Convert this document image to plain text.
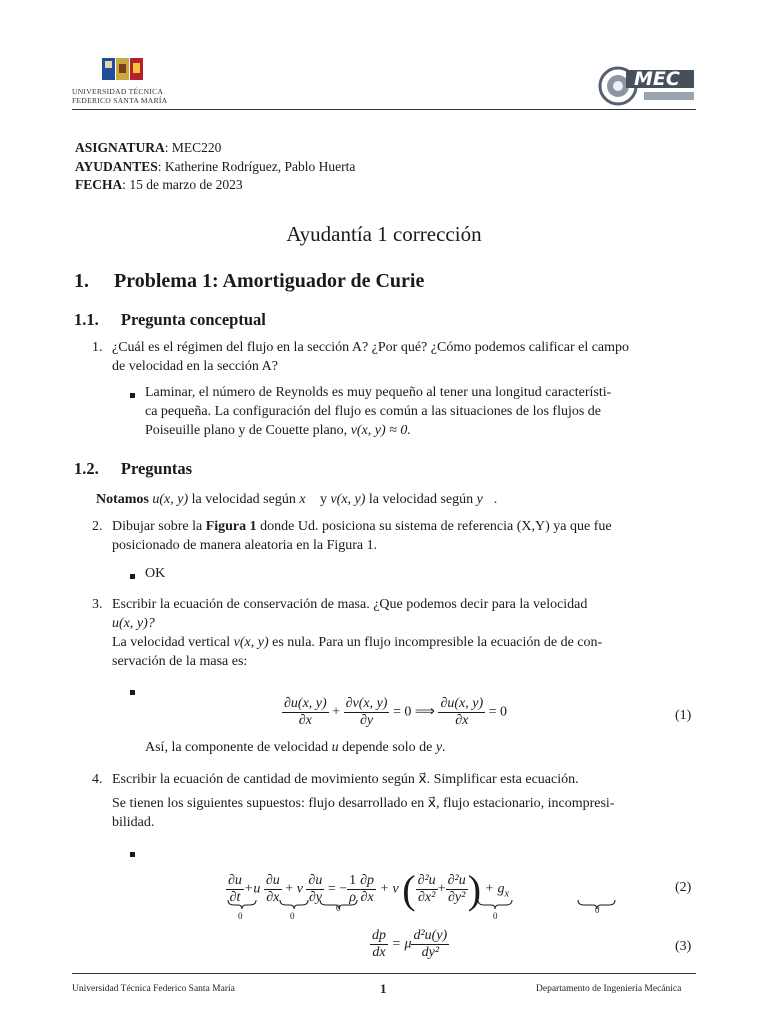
UNIVERSIDAD TÉCNICA
FEDERICO SANTA MARÍA
MEC
ASIGNATURA: MEC220
AYUDANTES: Katherine Rodríguez, Pablo Huerta
FECHA: 15 de marzo de 2023
Ayudantía 1 corrección
1. Problema 1: Amortiguador de Curie
1.1. Pregunta conceptual
1. ¿Cuál es el régimen del flujo en la sección A? ¿Por qué? ¿Cómo podemos calificar el campo
de velocidad en la sección A?
Laminar, el número de Reynolds es muy pequeño al tener una longitud característi-
ca pequeña. La configuración del flujo es común a las situaciones de los flujos de
Poiseuille plano y de Couette plano, v(x, y) ≈ 0.
1.2. Preguntas
Notamos u(x, y) la velocidad según x⃗ y v(x, y) la velocidad según y⃗.
2. Dibujar sobre la Figura 1 donde Ud. posiciona su sistema de referencia (X,Y) ya que fue
posicionado de manera aleatoria en la Figura 1.
OK
3. Escribir la ecuación de conservación de masa. ¿Que podemos decir para la velocidad
u(x, y)?
La velocidad vertical v(x, y) es nula. Para un flujo incompresible la ecuación de de con-
servación de la masa es:
$\frac{\partial u(x, y)}{\partial x} + \frac{\partial v(x, y)}{\partial y} = 0$ ⟹ $\frac{\partial u(x, y)}{\partial x} = 0$	(1)
Así, la componente de velocidad u depende solo de y.
4. Escribir la ecuación de cantidad de movimiento según x⃗. Simplificar esta ecuación.
Se tienen los siguientes supuestos: flujo desarrollado en x⃗, flujo estacionario, incompresi-
bilidad.
$\frac{\partial u}{\partial t} +u \frac{\partial u}{\partial x} + v \frac{\partial u}{\partial y}$ = − $\frac{1}{\rho} \frac{\partial p}{\partial x} + \nu$ ( $\frac{\text{∂²u}}{\text{∂x²}} + \frac{\text{∂²u}}{\text{∂y²}}$ ) + $g_x$
0	0
0
0
0
(2)
$\frac{dp}{dx} = \mu \frac{\text{d²u(y)}}{\text{dy²}}$	(3)
Universidad Técnica Federico Santa María	1	Departamento de Ingeniería Mecánica
